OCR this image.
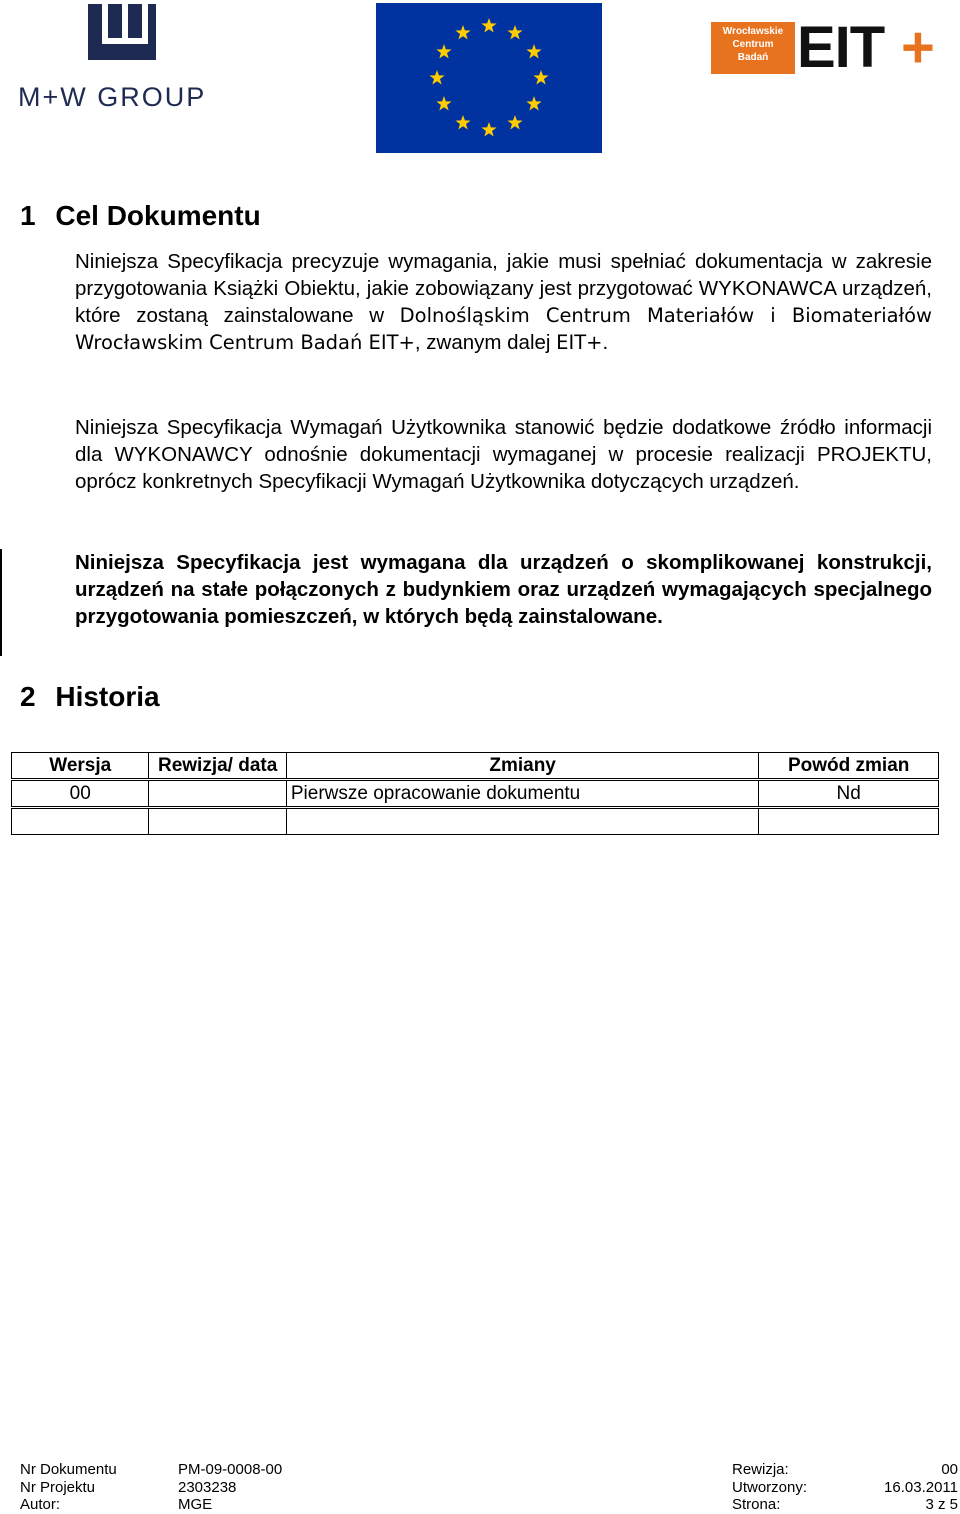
M+W GROUP
Wrocławskie
Centrum
Badań EIT +
1 Cel Dokumentu
Niniejsza Specyfikacja precyzuje wymagania, jakie musi spełniać dokumentacja w zakresie przygotowania Książki Obiektu, jakie zobowiązany jest przygotować WYKONAWCA urządzeń, które zostaną zainstalowane w Dolnośląskim Centrum Materiałów i Biomateriałów Wrocławskim Centrum Badań EIT+, zwanym dalej EIT+.
Niniejsza Specyfikacja Wymagań Użytkownika stanowić będzie dodatkowe źródło informacji dla WYKONAWCY odnośnie dokumentacji wymaganej w procesie realizacji PROJEKTU, oprócz konkretnych Specyfikacji Wymagań Użytkownika dotyczących urządzeń.
Niniejsza Specyfikacja jest wymagana dla urządzeń o skomplikowanej konstrukcji, urządzeń na stałe połączonych z budynkiem oraz urządzeń wymagających specjalnego przygotowania pomieszczeń, w których będą zainstalowane.
2 Historia
Wersja	Rewizja/ data	Zmiany	Powód zmian
00		Pierwsze opracowanie dokumentu	Nd

Nr Dokumentu	PM-09-0008-00	Rewizja:	00
Nr Projektu	2303238	Utworzony:	16.03.2011
Autor:	MGE	Strona:	3 z 5
